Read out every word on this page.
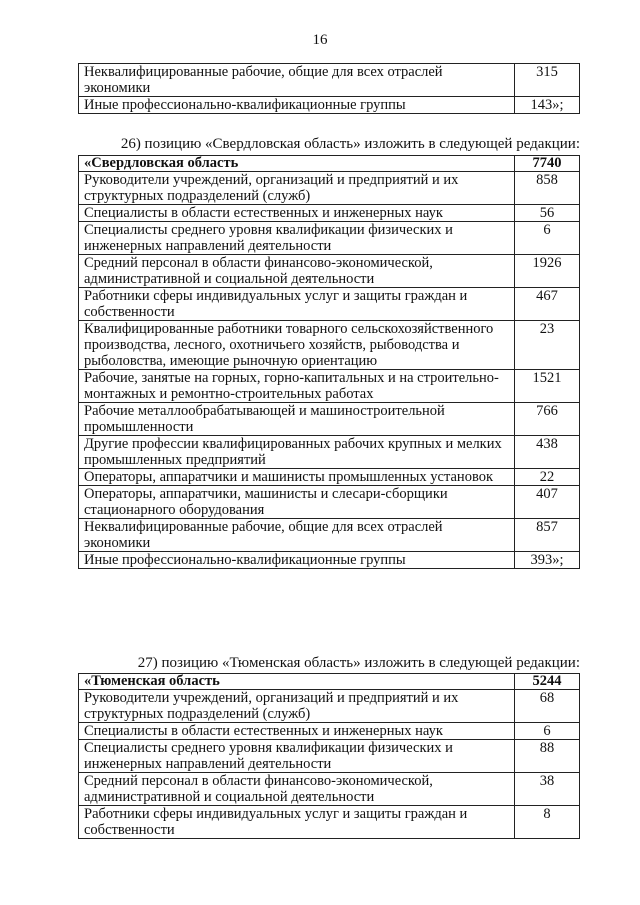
16
Неквалифицированные рабочие, общие для всех отраслей экономики	315
Иные профессионально-квалификационные группы	143»;
26) позицию «Свердловская область» изложить в следующей редакции:
«Свердловская область	7740
Руководители учреждений, организаций и предприятий и их структурных подразделений (служб)	858
Специалисты в области естественных и инженерных наук	56
Специалисты среднего уровня квалификации физических и инженерных направлений деятельности	6
Средний персонал в области финансово-экономической, административной и социальной деятельности	1926
Работники сферы индивидуальных услуг и защиты граждан и собственности	467
Квалифицированные работники товарного сельскохозяйственного производства, лесного, охотничьего хозяйств, рыбоводства и рыболовства, имеющие рыночную ориентацию	23
Рабочие, занятые на горных, горно-капитальных и на строительно-монтажных и ремонтно-строительных работах	1521
Рабочие металлообрабатывающей и машиностроительной промышленности	766
Другие профессии квалифицированных рабочих крупных и мелких промышленных предприятий	438
Операторы, аппаратчики и машинисты промышленных установок	22
Операторы, аппаратчики, машинисты и слесари-сборщики стационарного оборудования	407
Неквалифицированные рабочие, общие для всех отраслей экономики	857
Иные профессионально-квалификационные группы	393»;
27) позицию «Тюменская область» изложить в следующей редакции:
«Тюменская область	5244
Руководители учреждений, организаций и предприятий и их структурных подразделений (служб)	68
Специалисты в области естественных и инженерных наук	6
Специалисты среднего уровня квалификации физических и инженерных направлений деятельности	88
Средний персонал в области финансово-экономической, административной и социальной деятельности	38
Работники сферы индивидуальных услуг и защиты граждан и собственности	8
